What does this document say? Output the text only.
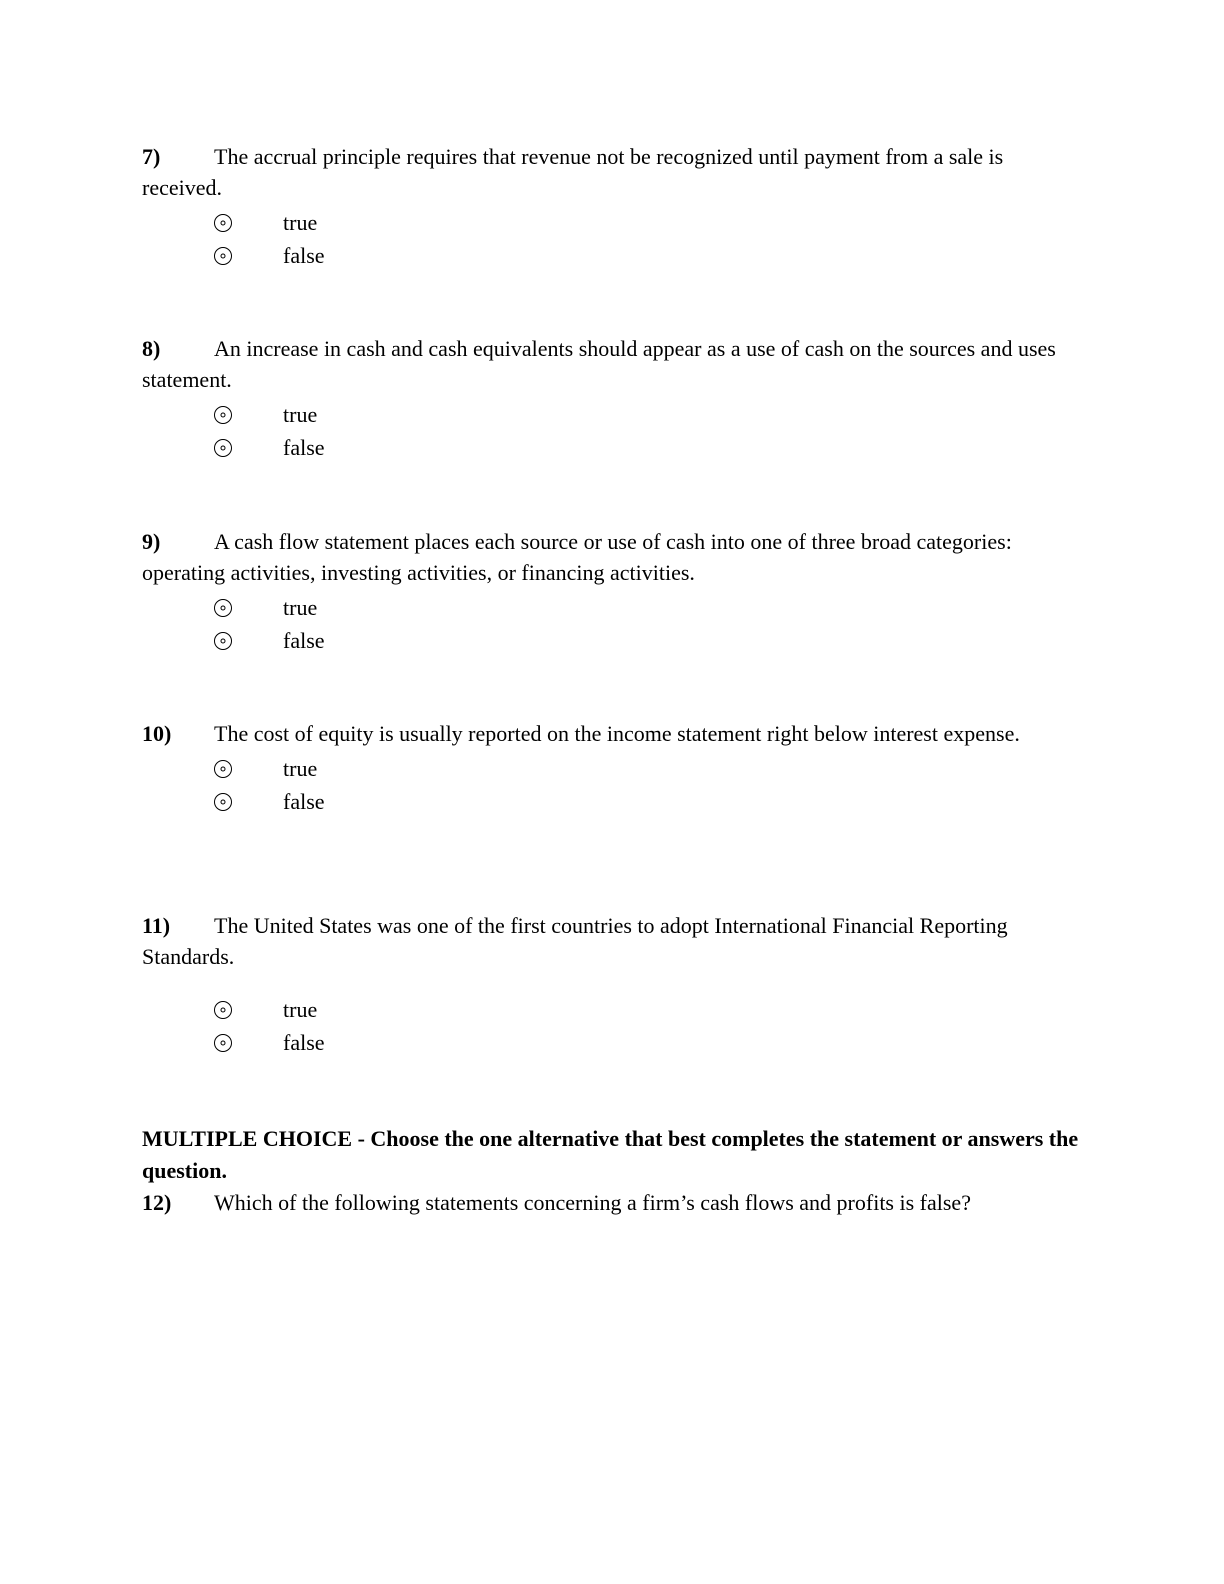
7) The accrual principle requires that revenue not be recognized until payment from a sale is received.

true
false

8) An increase in cash and cash equivalents should appear as a use of cash on the sources and uses statement.

true
false

9) A cash flow statement places each source or use of cash into one of three broad categories: operating activities, investing activities, or financing activities.

true
false

10) The cost of equity is usually reported on the income statement right below interest expense.

true
false

11) The United States was one of the first countries to adopt International Financial Reporting Standards.

true
false

MULTIPLE CHOICE - Choose the one alternative that best completes the statement or answers the question.

12) Which of the following statements concerning a firm’s cash flows and profits is false?
